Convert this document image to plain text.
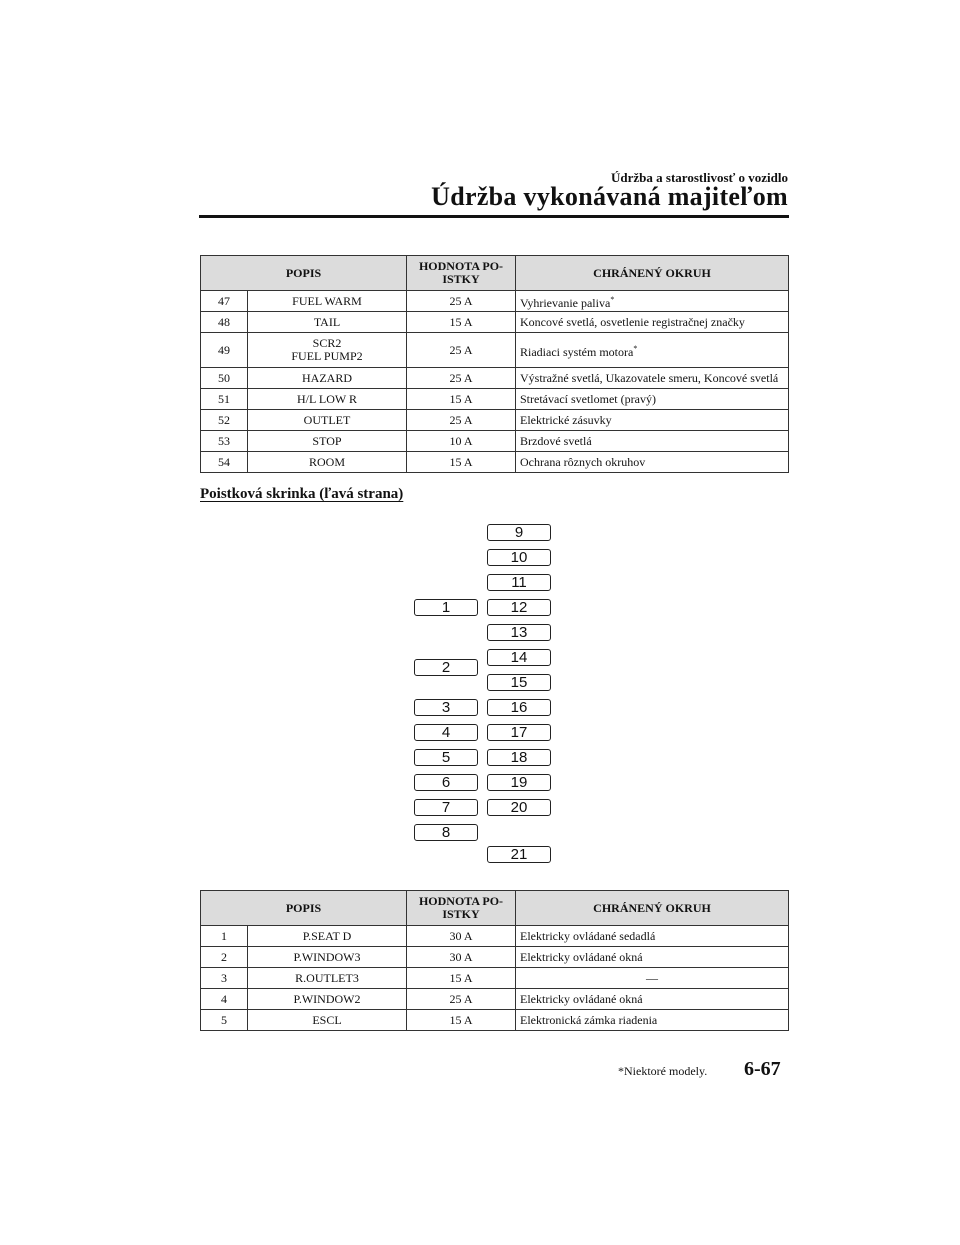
Údržba a starostlivosť o vozidlo
Údržba vykonávaná majiteľom
POPIS		HODNOTA PO-
ISTKY	CHRÁNENÝ OKRUH
47	FUEL WARM	25 A	Vyhrievanie paliva*
48	TAIL	15 A	Koncové svetlá, osvetlenie registračnej značky
49	SCR2
FUEL PUMP2	25 A	Riadiaci systém motora*
50	HAZARD	25 A	Výstražné svetlá, Ukazovatele smeru, Koncové svetlá
51	H/L LOW R	15 A	Stretávací svetlomet (pravý)
52	OUTLET	25 A	Elektrické zásuvky
53	STOP	10 A	Brzdové svetlá
54	ROOM	15 A	Ochrana rôznych okruhov
Poistková skrinka (ľavá strana)
1
2
3
4
5
6
7
8
9
10
11
12
13
14
15
16
17
18
19
20
21
POPIS		HODNOTA PO-
ISTKY	CHRÁNENÝ OKRUH
1	P.SEAT D	30 A	Elektricky ovládané sedadlá
2	P.WINDOW3	30 A	Elektricky ovládané okná
3	R.OUTLET3	15 A	—
4	P.WINDOW2	25 A	Elektricky ovládané okná
5	ESCL	15 A	Elektronická zámka riadenia
*Niektoré modely. 6-67
